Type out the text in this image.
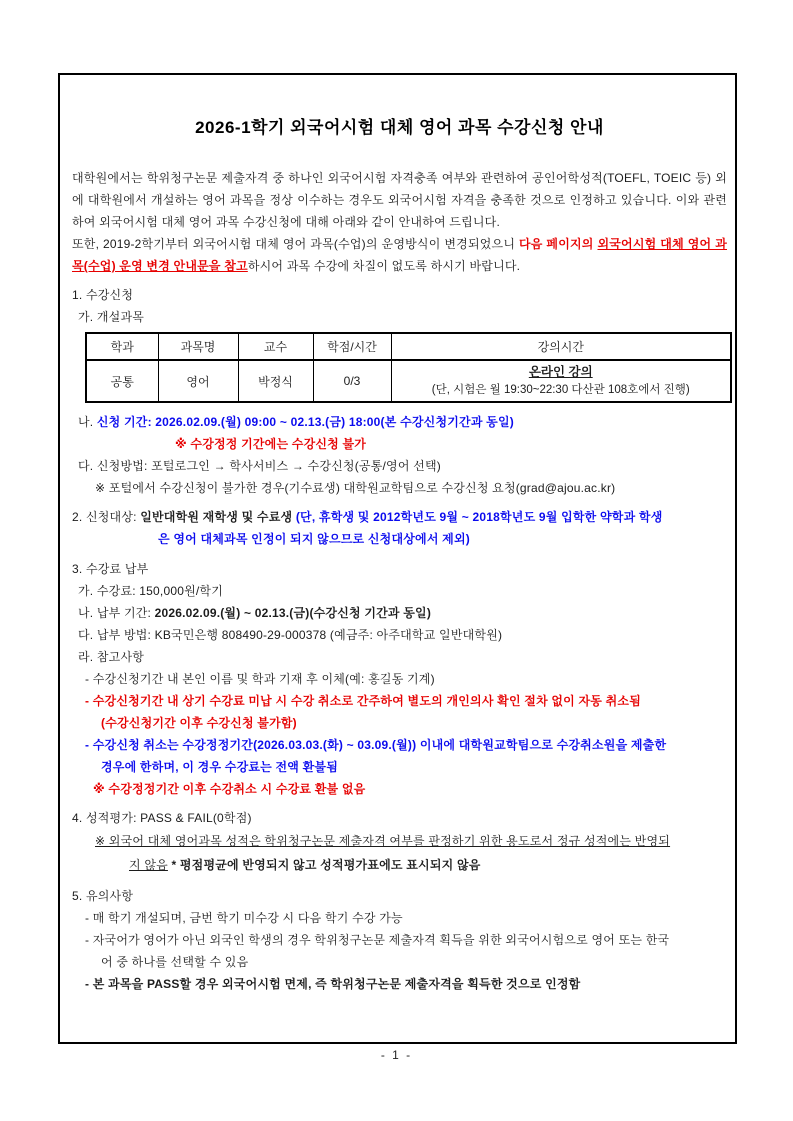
2026-1학기 외국어시험 대체 영어 과목 수강신청 안내
대학원에서는 학위청구논문 제출자격 중 하나인 외국어시험 자격충족 여부와 관련하여 공인어학성적(TOEFL, TOEIC 등) 외에 대학원에서 개설하는 영어 과목을 정상 이수하는 경우도 외국어시험 자격을 충족한 것으로 인정하고 있습니다. 이와 관련하여 외국어시험 대체 영어 과목 수강신청에 대해 아래와 같이 안내하여 드립니다.
또한, 2019-2학기부터 외국어시험 대체 영어 과목(수업)의 운영방식이 변경되었으니 다음 페이지의 외국어시험 대체 영어 과목(수업) 운영 변경 안내문을 참고하시어 과목 수강에 차질이 없도록 하시기 바랍니다.
1. 수강신청
가. 개설과목
학과	과목명	교수	학점/시간	강의시간
공통	영어	박정식	0/3	온라인 강의
(단, 시험은 월 19:30~22:30 다산관 108호에서 진행)
나. 신청 기간: 2026.02.09.(월) 09:00 ~ 02.13.(금) 18:00(본 수강신청기간과 동일)
※ 수강정정 기간에는 수강신청 불가
다. 신청방법: 포털로그인 → 학사서비스 → 수강신청(공통/영어 선택)
※ 포털에서 수강신청이 불가한 경우(기수료생) 대학원교학팀으로 수강신청 요청(grad@ajou.ac.kr)
2. 신청대상: 일반대학원 재학생 및 수료생 (단, 휴학생 및 2012학년도 9월 ~ 2018학년도 9월 입학한 약학과 학생
은 영어 대체과목 인정이 되지 않으므로 신청대상에서 제외)
3. 수강료 납부
가. 수강료: 150,000원/학기
나. 납부 기간: 2026.02.09.(월) ~ 02.13.(금)(수강신청 기간과 동일)
다. 납부 방법: KB국민은행 808490-29-000378 (예금주: 아주대학교 일반대학원)
라. 참고사항
- 수강신청기간 내 본인 이름 및 학과 기재 후 이체(예: 홍길동 기계)
- 수강신청기간 내 상기 수강료 미납 시 수강 취소로 간주하여 별도의 개인의사 확인 절차 없이 자동 취소됨
(수강신청기간 이후 수강신청 불가함)
- 수강신청 취소는 수강정정기간(2026.03.03.(화) ~ 03.09.(월)) 이내에 대학원교학팀으로 수강취소원을 제출한
경우에 한하며, 이 경우 수강료는 전액 환불됨
※ 수강정정기간 이후 수강취소 시 수강료 환불 없음
4. 성적평가: PASS & FAIL(0학점)
※ 외국어 대체 영어과목 성적은 학위청구논문 제출자격 여부를 판정하기 위한 용도로서 정규 성적에는 반영되
지 않음 * 평점평균에 반영되지 않고 성적평가표에도 표시되지 않음
5. 유의사항
- 매 학기 개설되며, 금번 학기 미수강 시 다음 학기 수강 가능
- 자국어가 영어가 아닌 외국인 학생의 경우 학위청구논문 제출자격 획득을 위한 외국어시험으로 영어 또는 한국
어 중 하나를 선택할 수 있음
- 본 과목을 PASS할 경우 외국어시험 면제, 즉 학위청구논문 제출자격을 획득한 것으로 인정함
- 1 -
